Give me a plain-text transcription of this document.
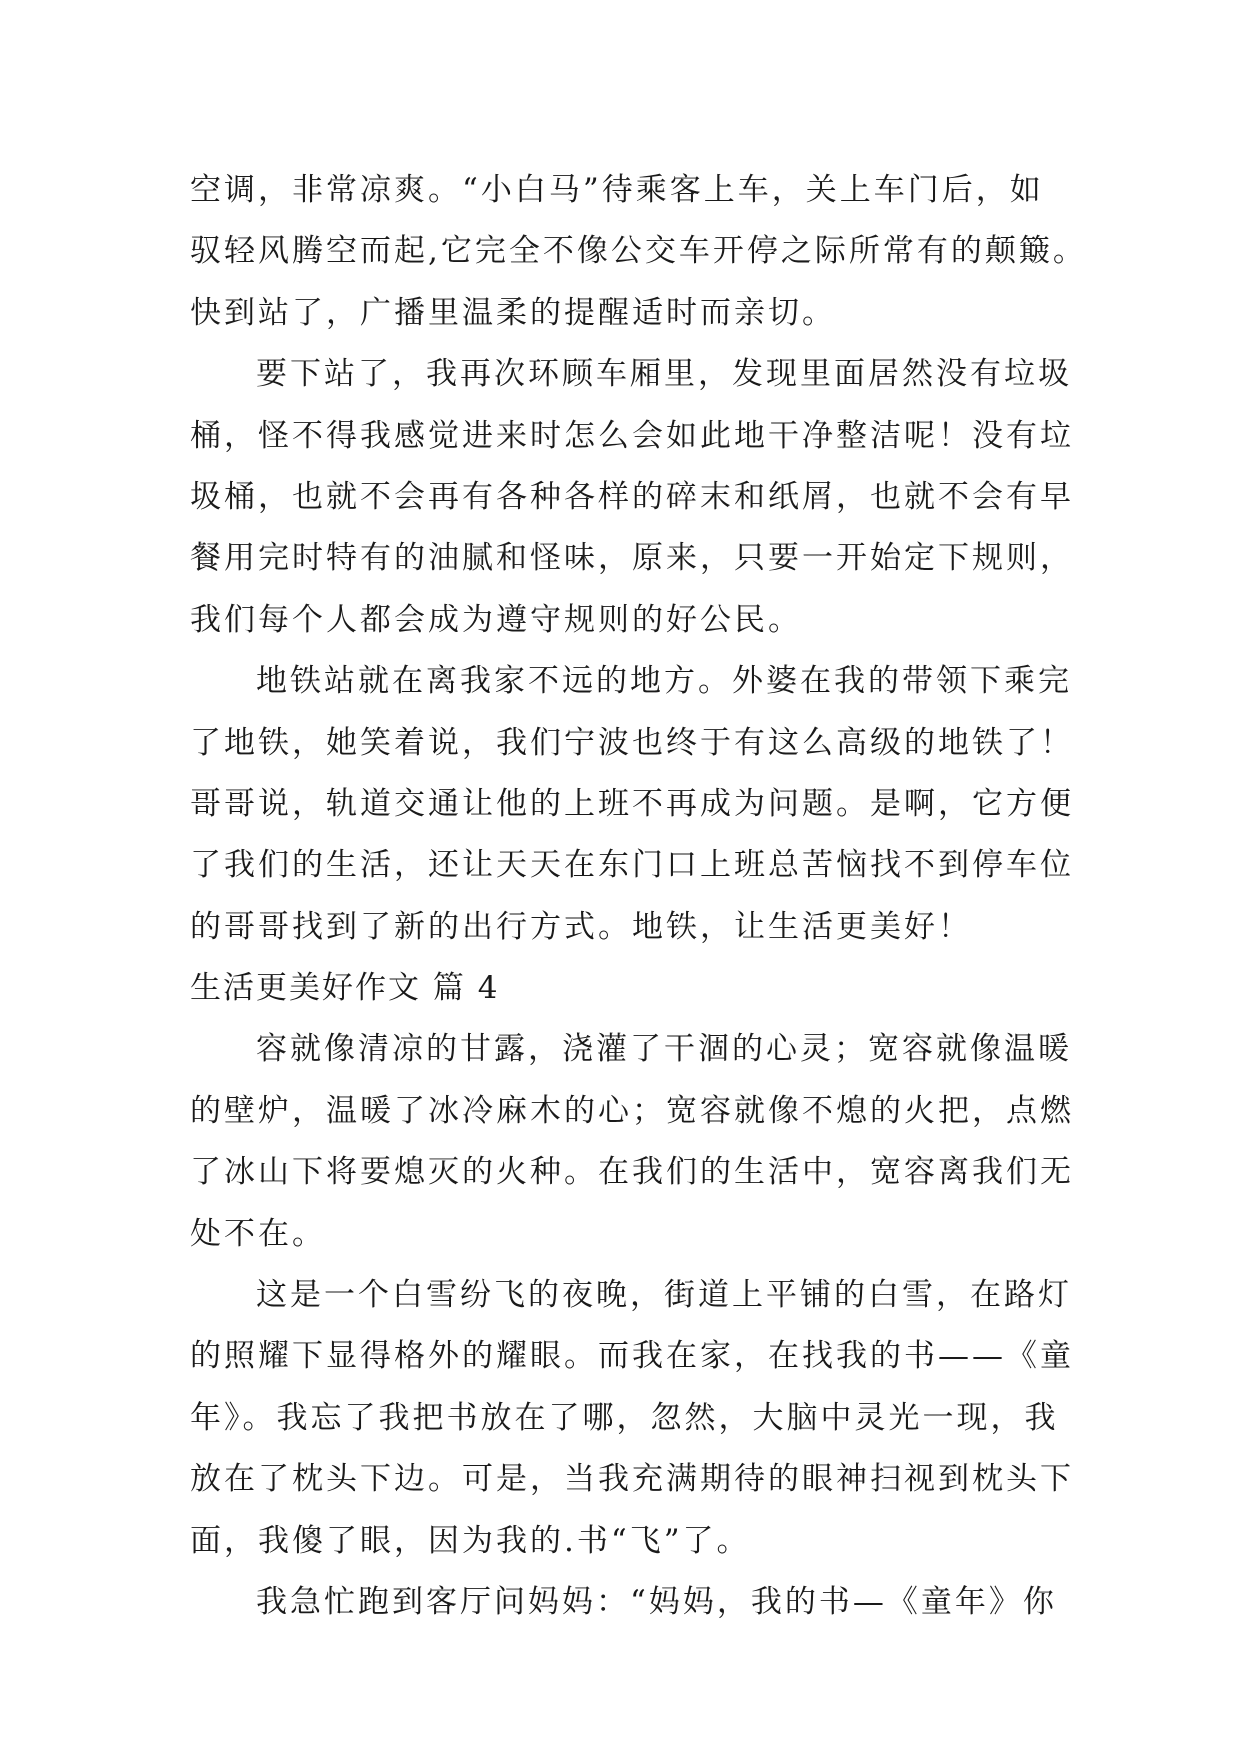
空调，非常凉爽。“小白马”待乘客上车，关上车门后，如
驭轻风腾空而起,它完全不像公交车开停之际所常有的颠簸。
快到站了，广播里温柔的提醒适时而亲切。
要下站了，我再次环顾车厢里，发现里面居然没有垃圾
桶，怪不得我感觉进来时怎么会如此地干净整洁呢！没有垃
圾桶，也就不会再有各种各样的碎末和纸屑，也就不会有早
餐用完时特有的油腻和怪味，原来，只要一开始定下规则，
我们每个人都会成为遵守规则的好公民。
地铁站就在离我家不远的地方。外婆在我的带领下乘完
了地铁，她笑着说，我们宁波也终于有这么高级的地铁了！
哥哥说，轨道交通让他的上班不再成为问题。是啊，它方便
了我们的生活，还让天天在东门口上班总苦恼找不到停车位
的哥哥找到了新的出行方式。地铁，让生活更美好！
生活更美好作文 篇 4
容就像清凉的甘露，浇灌了干涸的心灵；宽容就像温暖
的壁炉，温暖了冰冷麻木的心；宽容就像不熄的火把，点燃
了冰山下将要熄灭的火种。在我们的生活中，宽容离我们无
处不在。
这是一个白雪纷飞的夜晚，街道上平铺的白雪，在路灯
的照耀下显得格外的耀眼。而我在家，在找我的书——《童
年》。我忘了我把书放在了哪，忽然，大脑中灵光一现，我
放在了枕头下边。可是，当我充满期待的眼神扫视到枕头下
面，我傻了眼，因为我的.书“飞”了。
我急忙跑到客厅问妈妈：“妈妈，我的书—《童年》你
